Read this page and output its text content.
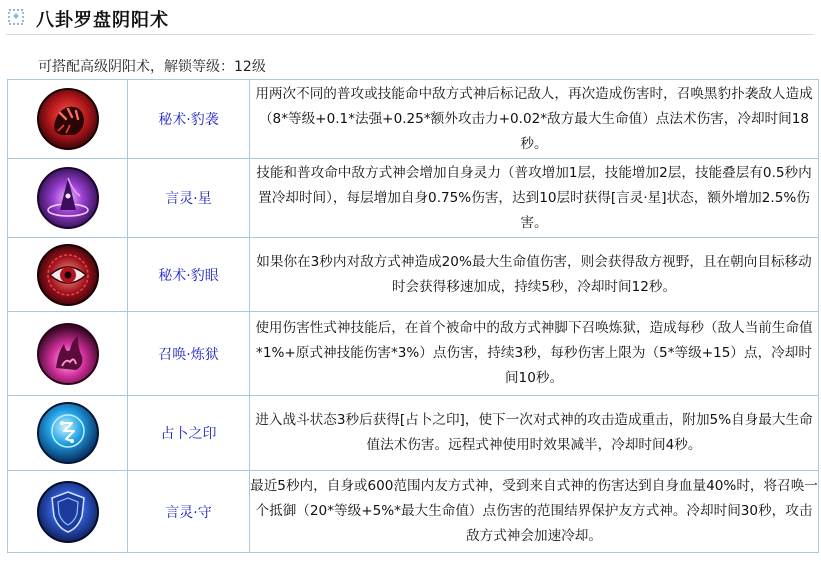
八卦罗盘阴阳术
可搭配高级阴阳术，解锁等级：12级
	秘术·豹袭	用两次不同的普攻或技能命中敌方式神后标记敌人，再次造成伤害时，召唤黑豹扑袭敌人造成（8*等级+0.1*法强+0.25*额外攻击力+0.02*敌方最大生命值）点法术伤害，冷却时间18秒。
	言灵·星	技能和普攻命中敌方式神会增加自身灵力（普攻增加1层，技能增加2层，技能叠层有0.5秒内置冷却时间），每层增加自身0.75%伤害，达到10层时获得[言灵·星]状态，额外增加2.5%伤害。
	秘术·豹眼	如果你在3秒内对敌方式神造成20%最大生命值伤害，则会获得敌方视野，且在朝向目标移动时会获得移速加成，持续5秒，冷却时间12秒。
	召唤·炼狱	使用伤害性式神技能后，在首个被命中的敌方式神脚下召唤炼狱，造成每秒（敌人当前生命值*1%+原式神技能伤害*3%）点伤害，持续3秒，每秒伤害上限为（5*等级+15）点，冷却时间10秒。
	占卜之印	进入战斗状态3秒后获得[占卜之印]，使下一次对式神的攻击造成重击，附加5%自身最大生命值法术伤害。远程式神使用时效果减半，冷却时间4秒。
	言灵·守	最近5秒内，自身或600范围内友方式神，受到来自式神的伤害达到自身血量40%时，将召唤一个抵御（20*等级+5%*最大生命值）点伤害的范围结界保护友方式神。冷却时间30秒，攻击敌方式神会加速冷却。
